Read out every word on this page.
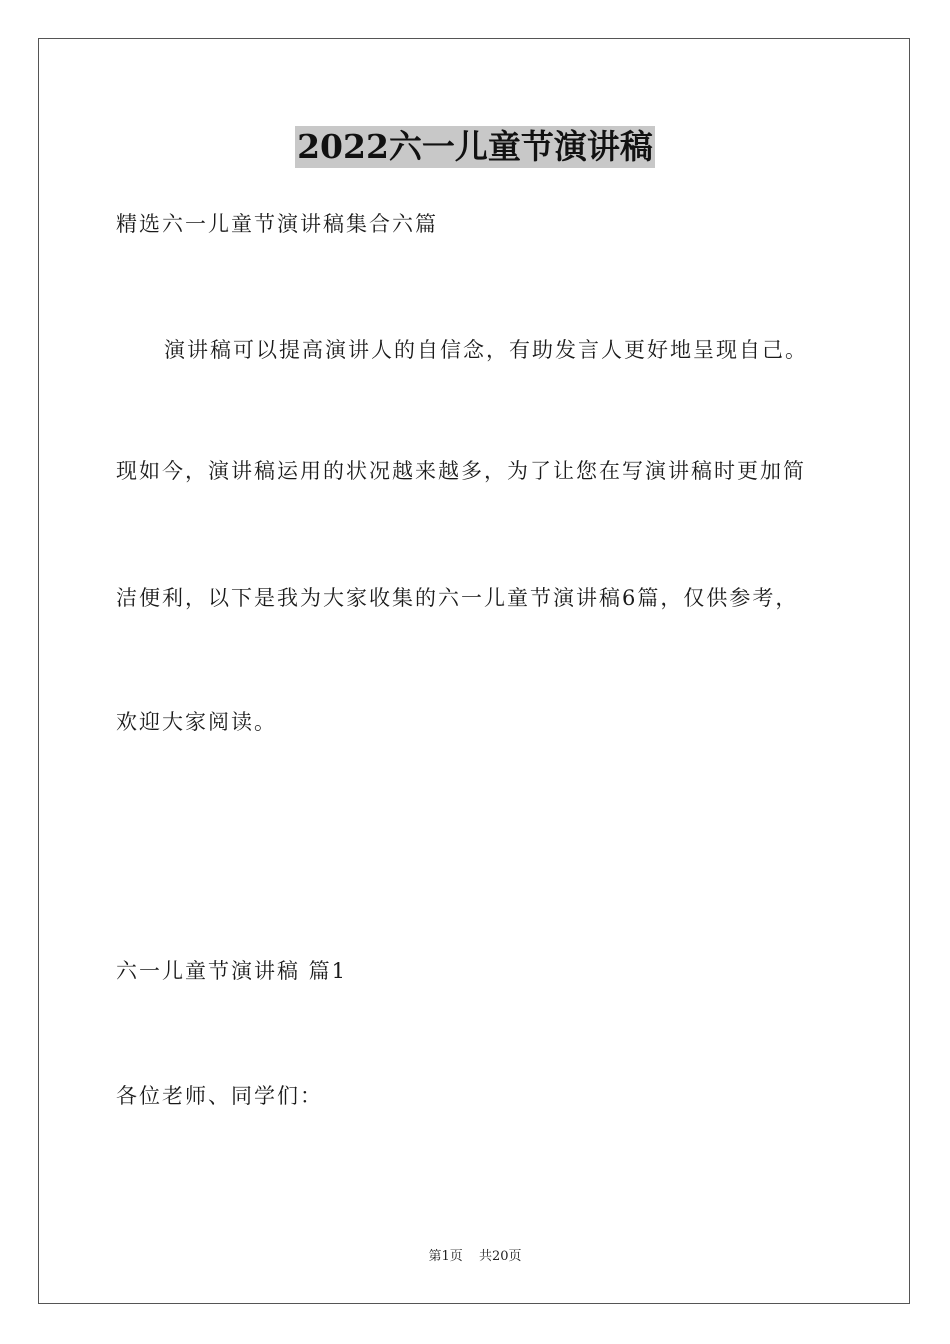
2022六一儿童节演讲稿
精选六一儿童节演讲稿集合六篇
演讲稿可以提高演讲人的自信念，有助发言人更好地呈现自己。
现如今，演讲稿运用的状况越来越多，为了让您在写演讲稿时更加简
洁便利，以下是我为大家收集的六一儿童节演讲稿6篇，仅供参考，
欢迎大家阅读。
六一儿童节演讲稿 篇1
各位老师、同学们：
第1页 共20页
